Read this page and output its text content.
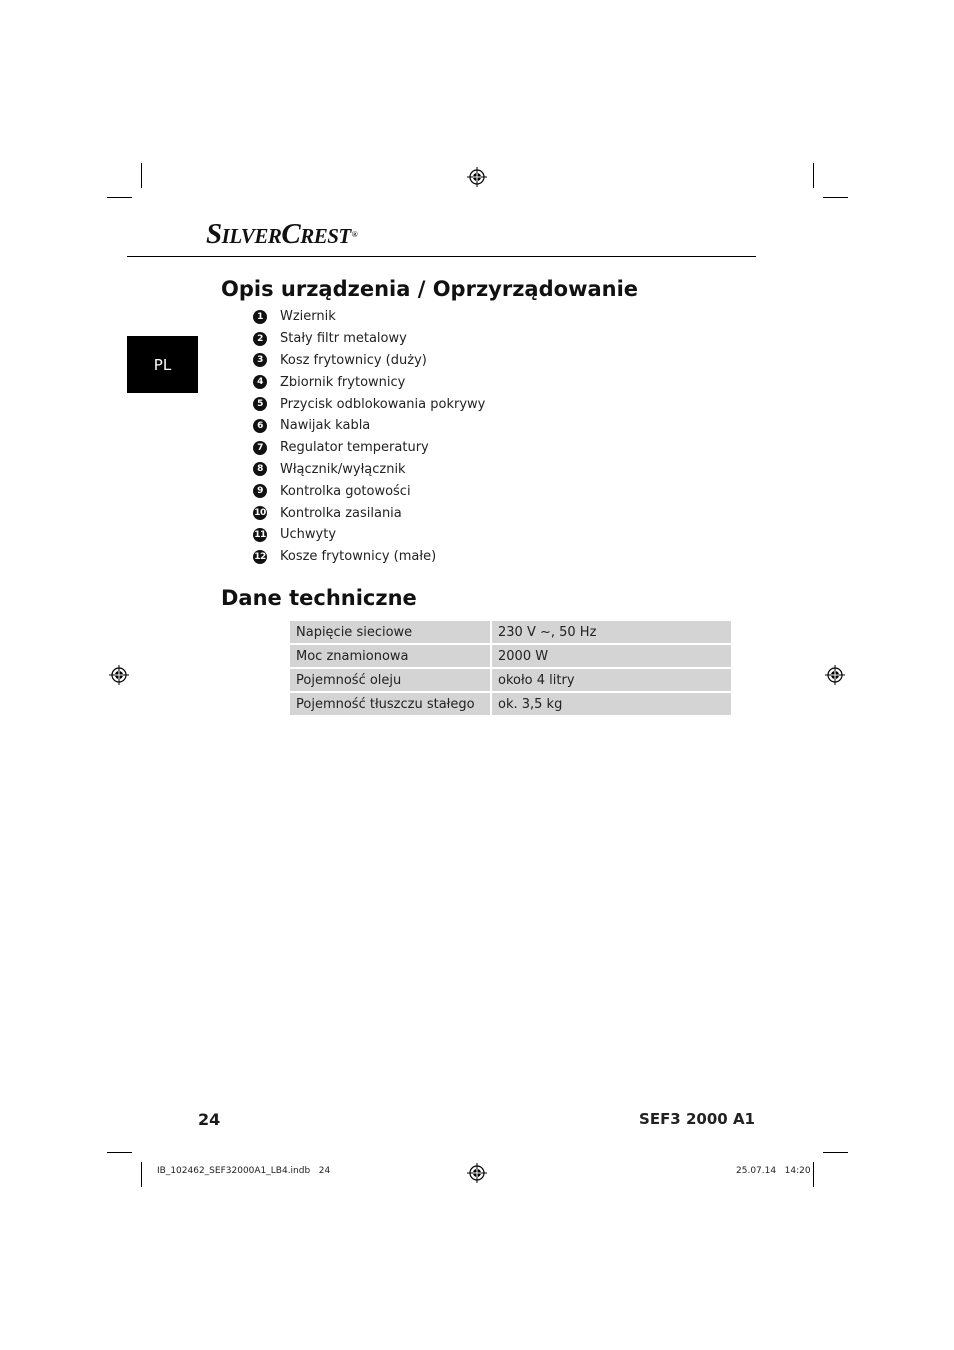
SILVERCREST®
PL
Opis urządzenia / Oprzyrządowanie
1	Wziernik
2	Stały filtr metalowy
3	Kosz frytownicy (duży)
4	Zbiornik frytownicy
5	Przycisk odblokowania pokrywy
6	Nawijak kabla
7	Regulator temperatury
8	Włącznik/wyłącznik
9	Kontrolka gotowości
10 Kontrolka zasilania
11 Uchwyty
12 Kosze frytownicy (małe)
Dane techniczne
Napięcie sieciowe	230 V ~, 50 Hz
Moc znamionowa	2000 W
Pojemność oleju	około 4 litry
Pojemność tłuszczu stałego	ok. 3,5 kg
24	SEF3 2000 A1
IB_102462_SEF32000A1_LB4.indb   24	25.07.14   14:20
